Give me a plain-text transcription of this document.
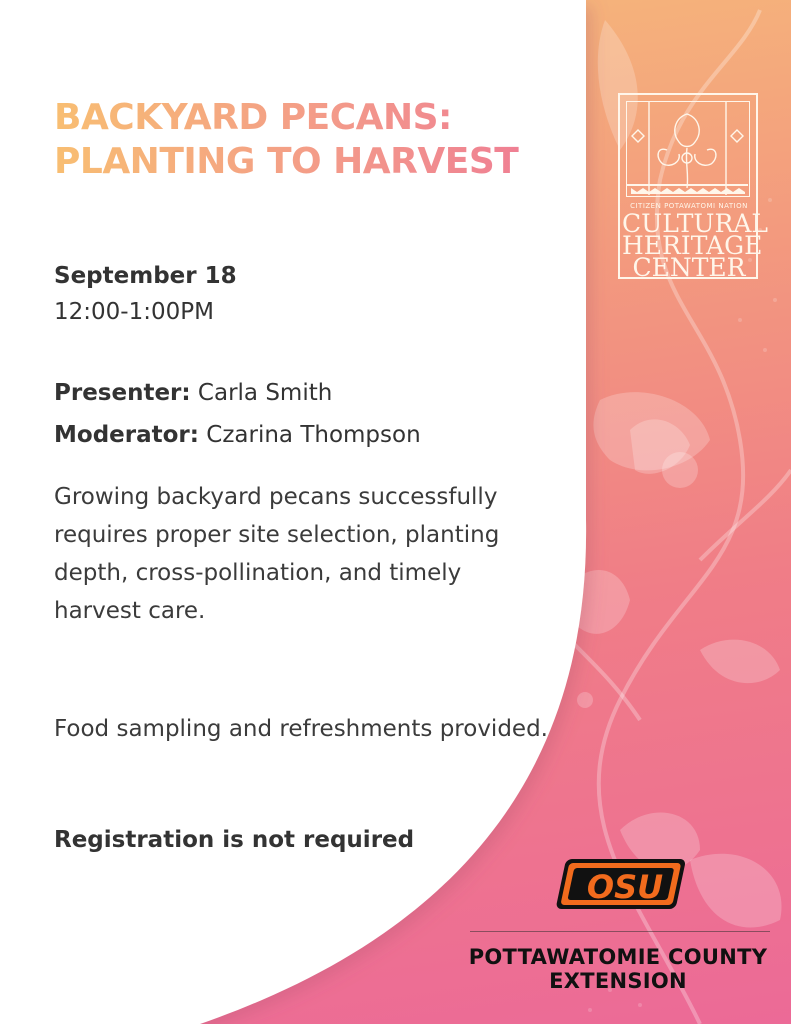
BACKYARD PECANS:
PLANTING TO HARVEST
September 18
12:00-1:00PM
Presenter: Carla Smith
Moderator: Czarina Thompson
Growing backyard pecans successfully requires proper site selection, planting depth, cross-pollination, and timely harvest care.
Food sampling and refreshments provided.
Registration is not required
CITIZEN POTAWATOMI NATION
CULTURAL
HERITAGE
CENTER
OSU
POTTAWATOMIE COUNTY
EXTENSION
